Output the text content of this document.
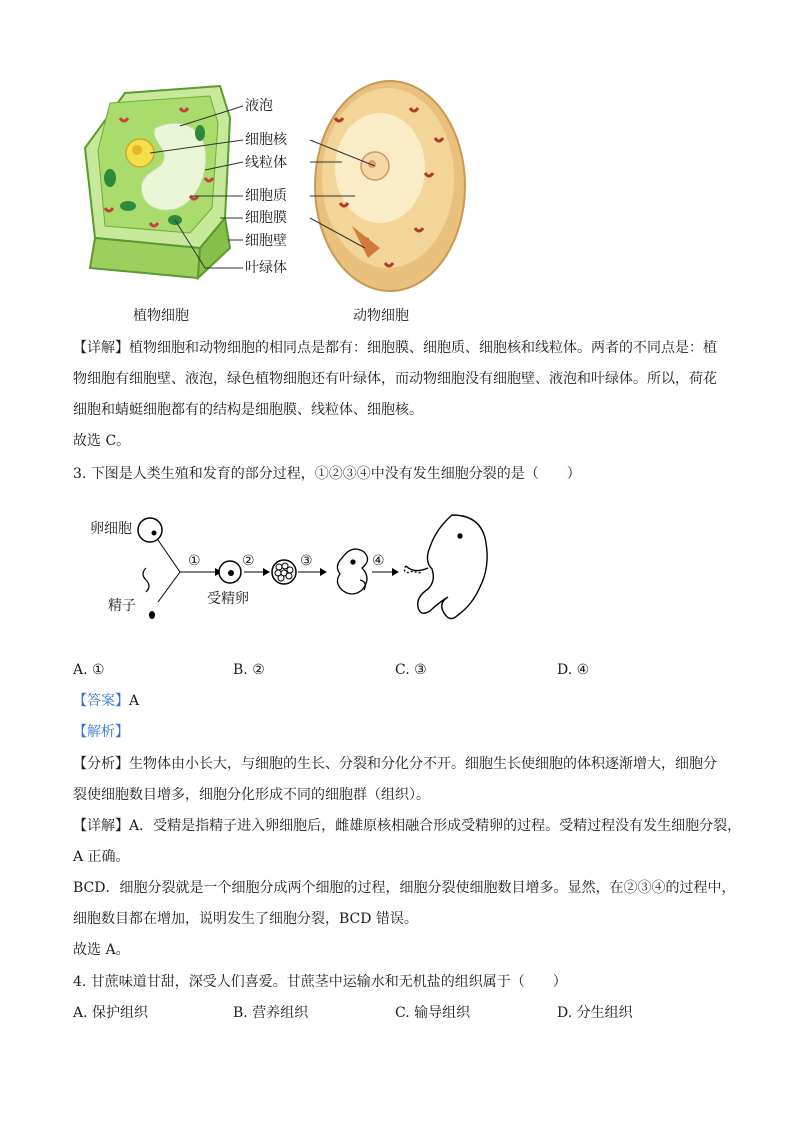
液泡
细胞核
线粒体
细胞质
细胞膜
细胞壁
叶绿体
植物细胞	动物细胞
【详解】植物细胞和动物细胞的相同点是都有：细胞膜、细胞质、细胞核和线粒体。两者的不同点是：植
物细胞有细胞壁、液泡，绿色植物细胞还有叶绿体，而动物细胞没有细胞壁、液泡和叶绿体。所以，荷花
细胞和蜻蜓细胞都有的结构是细胞膜、线粒体、细胞核。
故选 C。
3. 下图是人类生殖和发育的部分过程，①②③④中没有发生细胞分裂的是（　　）
卵细胞
精子	受精卵
①	②	③	④
A. ①	B. ②	C. ③	D. ④
【答案】A
【解析】
【分析】生物体由小长大，与细胞的生长、分裂和分化分不开。细胞生长使细胞的体积逐渐增大，细胞分
裂使细胞数目增多，细胞分化形成不同的细胞群（组织）。
【详解】A．受精是指精子进入卵细胞后，雌雄原核相融合形成受精卵的过程。受精过程没有发生细胞分裂，
A 正确。
BCD．细胞分裂就是一个细胞分成两个细胞的过程，细胞分裂使细胞数目增多。显然，在②③④的过程中，
细胞数目都在增加，说明发生了细胞分裂，BCD 错误。
故选 A。
4. 甘蔗味道甘甜，深受人们喜爱。甘蔗茎中运输水和无机盐的组织属于（　　）
A. 保护组织	B. 营养组织	C. 输导组织	D. 分生组织
